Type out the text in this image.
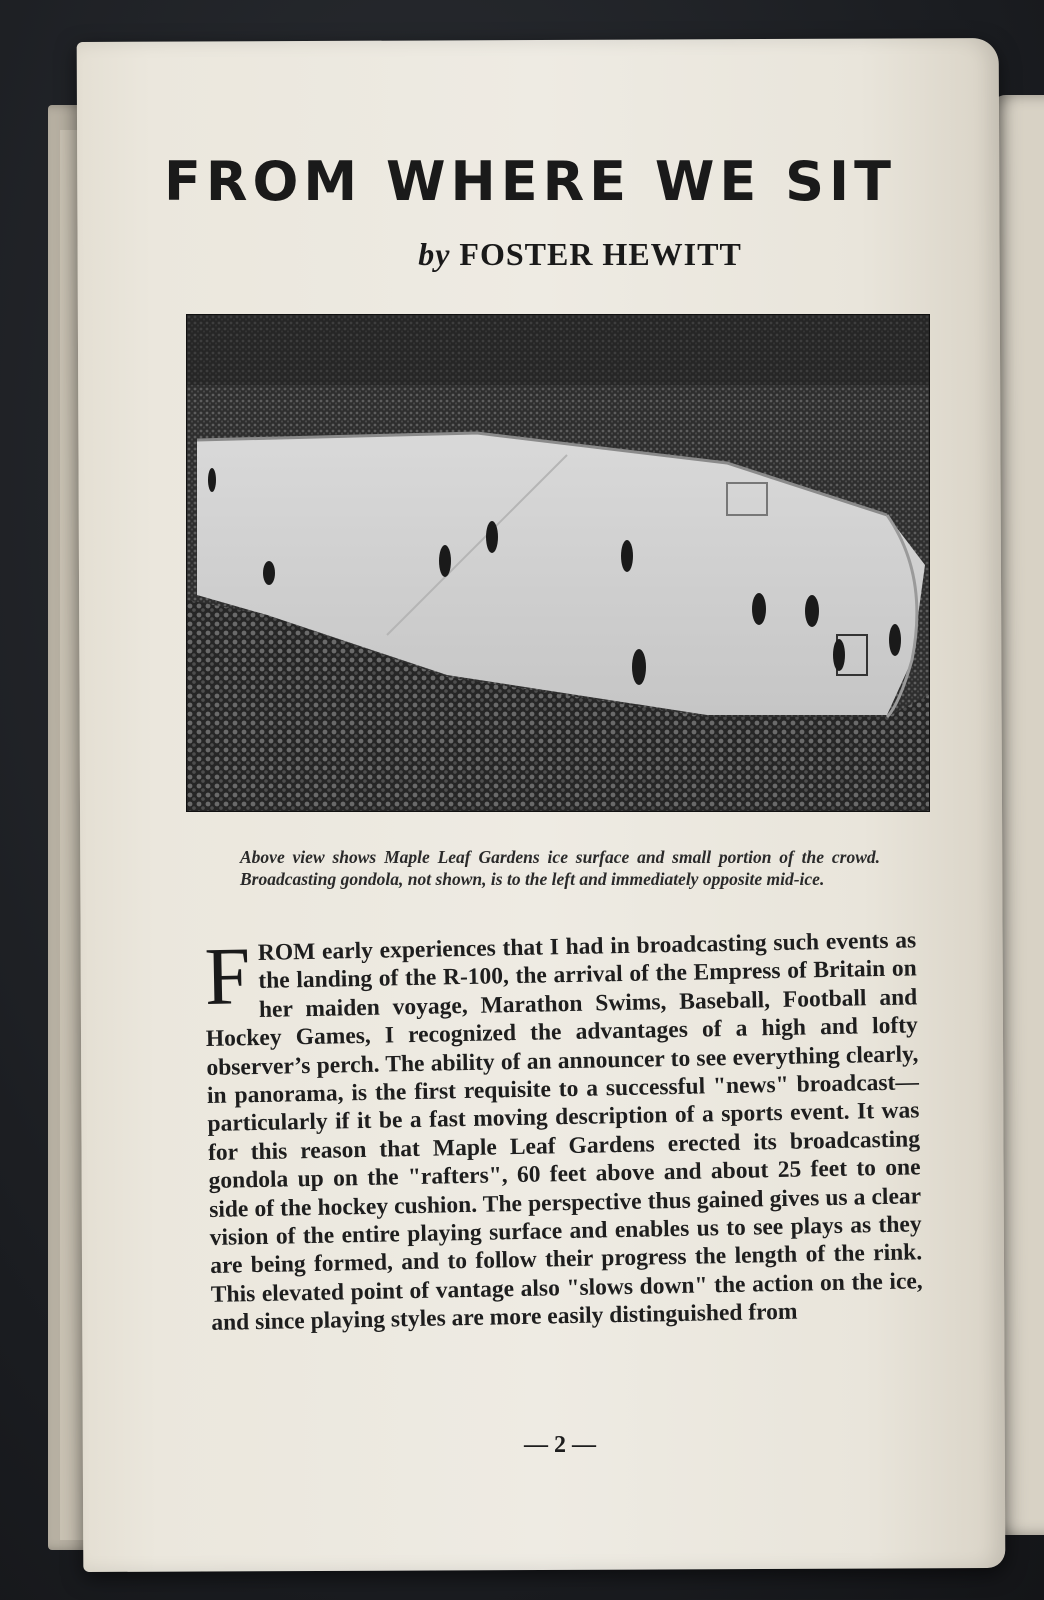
FROM WHERE WE SIT
by FOSTER HEWITT
Above view shows Maple Leaf Gardens ice surface and small portion of the crowd. Broadcasting gondola, not shown, is to the left and immediately opposite mid-ice.
FROM early experiences that I had in broadcasting such events as the landing of the R-100, the arrival of the Empress of Britain on her maiden voyage, Marathon Swims, Baseball, Football and Hockey Games, I recognized the advantages of a high and lofty observer’s perch. The ability of an announcer to see everything clearly, in panorama, is the first requisite to a successful "news" broadcast—particularly if it be a fast moving description of a sports event. It was for this reason that Maple Leaf Gardens erected its broadcasting gondola up on the "rafters", 60 feet above and about 25 feet to one side of the hockey cushion. The perspective thus gained gives us a clear vision of the entire playing surface and enables us to see plays as they are being formed, and to follow their progress the length of the rink. This elevated point of vantage also "slows down" the action on the ice, and since playing styles are more easily distinguished from
— 2 —
